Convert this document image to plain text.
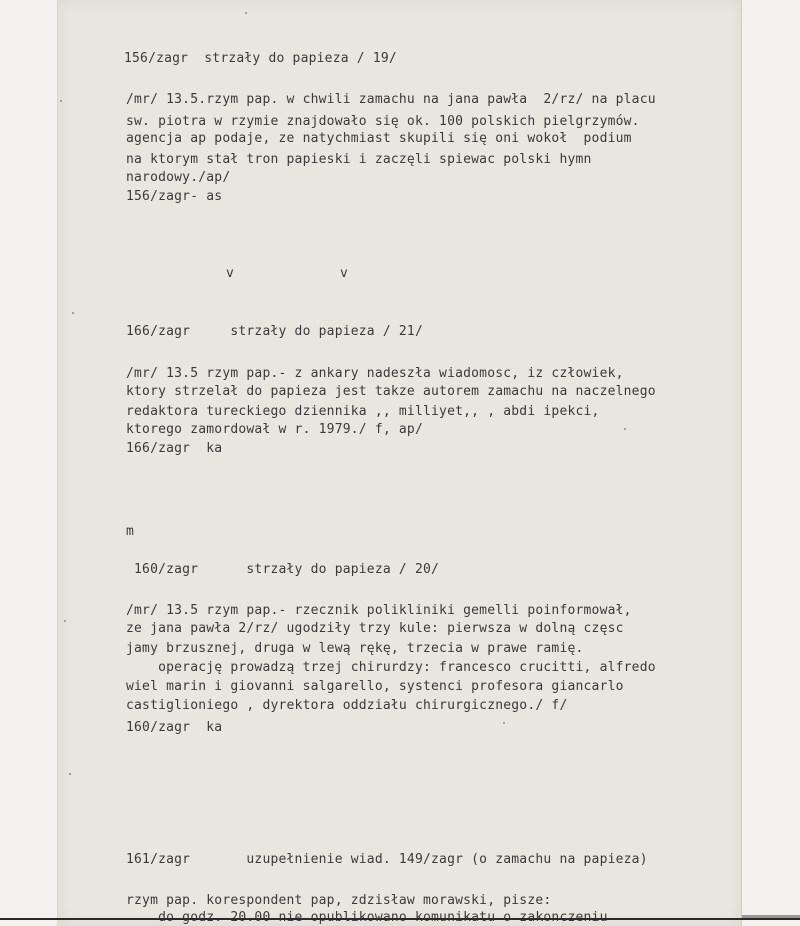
156/zagr  strzały do papieza / 19/

/mr/ 13.5.rzym pap. w chwili zamachu na jana pawła  2/rz/ na placu

sw. piotra w rzymie znajdowało się ok. 100 polskich pielgrzymów.

agencja ap podaje, ze natychmiast skupili się oni wokoł  podium

na ktorym stał tron papieski i zaczęli spiewac polski hymn

narodowy./ap/

156/zagr- as

v	v

166/zagr     strzały do papieza / 21/

/mr/ 13.5 rzym pap.- z ankary nadeszła wiadomosc, iz człowiek,

ktory strzelał do papieza jest takze autorem zamachu na naczelnego

redaktora tureckiego dziennika ,, milliyet,, , abdi ipekci,

ktorego zamordował w r. 1979./ f, ap/

166/zagr  ka

m

160/zagr      strzały do papieza / 20/

/mr/ 13.5 rzym pap.- rzecznik polikliniki gemelli poinformował,

ze jana pawła 2/rz/ ugodziły trzy kule: pierwsza w dolną częsc

jamy brzusznej, druga w lewą rękę, trzecia w prawe ramię.

operację prowadzą trzej chirurdzy: francesco crucitti, alfredo

wiel marin i giovanni salgarello, systenci profesora giancarlo

castiglioniego , dyrektora oddziału chirurgicznego./ f/

160/zagr  ka

161/zagr       uzupełnienie wiad. 149/zagr (o zamachu na papieza)

rzym pap. korespondent pap, zdzisław morawski, pisze:
